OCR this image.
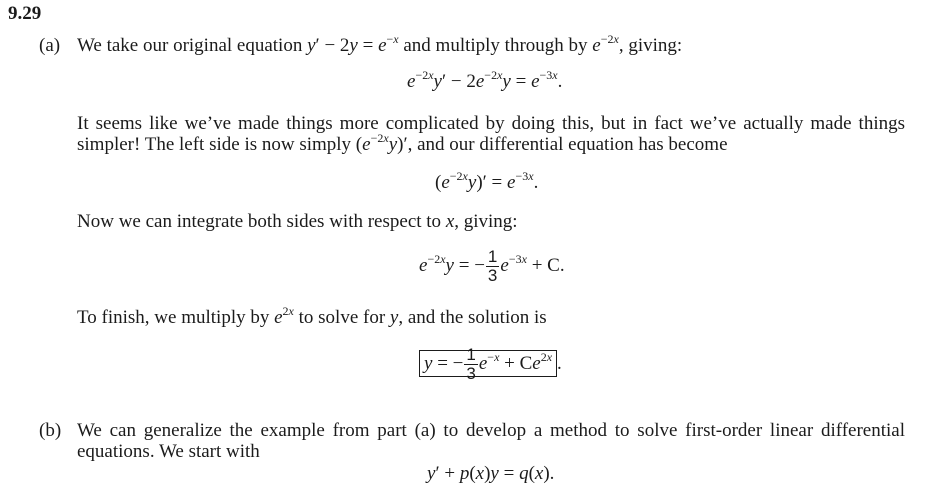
9.29
(a) We take our original equation $y' - 2y = e^{-x}$ and multiply through by $e^{-2x}$, giving:
$e^{-2x}y' - 2e^{-2x}y = e^{-3x}$.
It seems like we’ve made things more complicated by doing this, but in fact we’ve actually made things
simpler! The left side is now simply $(e^{-2x}y)'$, and our differential equation has become
$(e^{-2x}y)' = e^{-3x}$.
Now we can integrate both sides with respect to x, giving:
$e^{-2x}y$ = − $\frac{1}{3} e^{-3x} + C$.
To finish, we multiply by $e^{2x}$ to solve for y, and the solution is
y = − $\frac{1}{3} e^{-x} + Ce^{2x}$ .
(b) We can generalize the example from part (a) to develop a method to solve first-order linear differential
equations. We start with
y′ + p(x)y = q(x).
